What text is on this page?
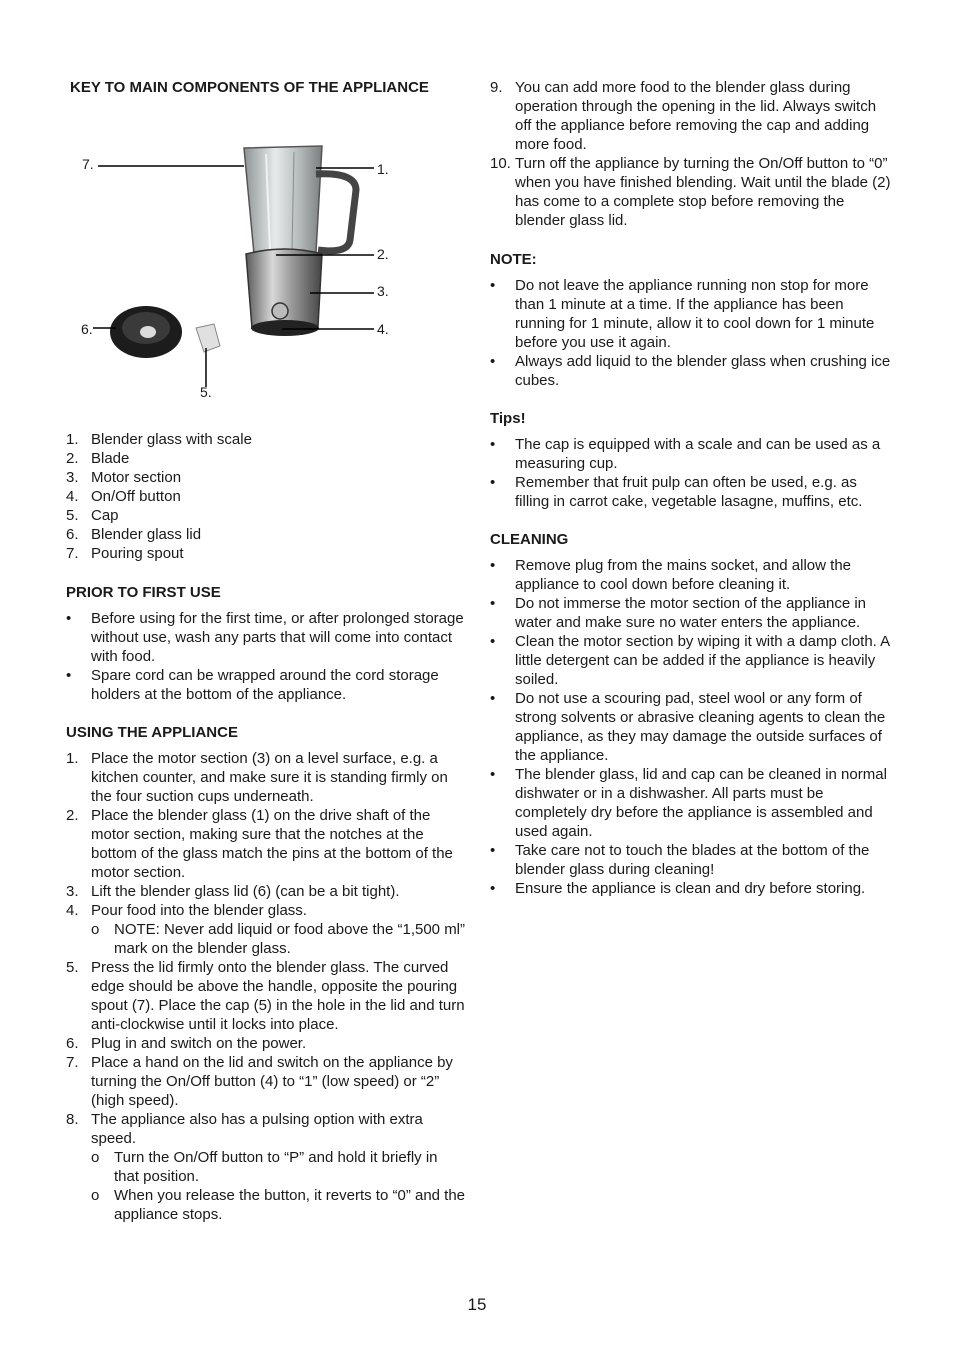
KEY TO MAIN COMPONENTS OF THE APPLIANCE
7.	1.
2.
3.
4.
6.
5.
1. Blender glass with scale
2. Blade
3. Motor section
4. On/Off button
5. Cap
6. Blender glass lid
7. Pouring spout
PRIOR TO FIRST USE
• Before using for the first time, or after prolonged storage without use, wash any parts that will come into contact with food.
• Spare cord can be wrapped around the cord storage holders at the bottom of the appliance.
USING THE APPLIANCE
1. Place the motor section (3) on a level surface, e.g. a kitchen counter, and make sure it is standing firmly on the four suction cups underneath.
2. Place the blender glass (1) on the drive shaft of the motor section, making sure that the notches at the bottom of the glass match the pins at the bottom of the motor section.
3. Lift the blender glass lid (6) (can be a bit tight).
4. Pour food into the blender glass.
o NOTE: Never add liquid or food above the “1,500 ml” mark on the blender glass.
5. Press the lid firmly onto the blender glass. The curved edge should be above the handle, opposite the pouring spout (7). Place the cap (5) in the hole in the lid and turn anti-clockwise until it locks into place.
6. Plug in and switch on the power.
7. Place a hand on the lid and switch on the appliance by turning the On/Off button (4) to “1” (low speed) or “2” (high speed).
8. The appliance also has a pulsing option with extra speed.
o Turn the On/Off button to “P” and hold it briefly in that position.
o When you release the button, it reverts to “0” and the appliance stops.
9. You can add more food to the blender glass during operation through the opening in the lid. Always switch off the appliance before removing the cap and adding more food.
10. Turn off the appliance by turning the On/Off button to “0” when you have finished blending. Wait until the blade (2) has come to a complete stop before removing the blender glass lid.
NOTE:
• Do not leave the appliance running non stop for more than 1 minute at a time. If the appliance has been running for 1 minute, allow it to cool down for 1 minute before you use it again.
• Always add liquid to the blender glass when crushing ice cubes.
Tips!
• The cap is equipped with a scale and can be used as a measuring cup.
• Remember that fruit pulp can often be used, e.g. as filling in carrot cake, vegetable lasagne, muffins, etc.
CLEANING
• Remove plug from the mains socket, and allow the appliance to cool down before cleaning it.
• Do not immerse the motor section of the appliance in water and make sure no water enters the appliance.
• Clean the motor section by wiping it with a damp cloth. A little detergent can be added if the appliance is heavily soiled.
• Do not use a scouring pad, steel wool or any form of strong solvents or abrasive cleaning agents to clean the appliance, as they may damage the outside surfaces of the appliance.
• The blender glass, lid and cap can be cleaned in normal dishwater or in a dishwasher. All parts must be completely dry before the appliance is assembled and used again.
• Take care not to touch the blades at the bottom of the blender glass during cleaning!
• Ensure the appliance is clean and dry before storing.
15
